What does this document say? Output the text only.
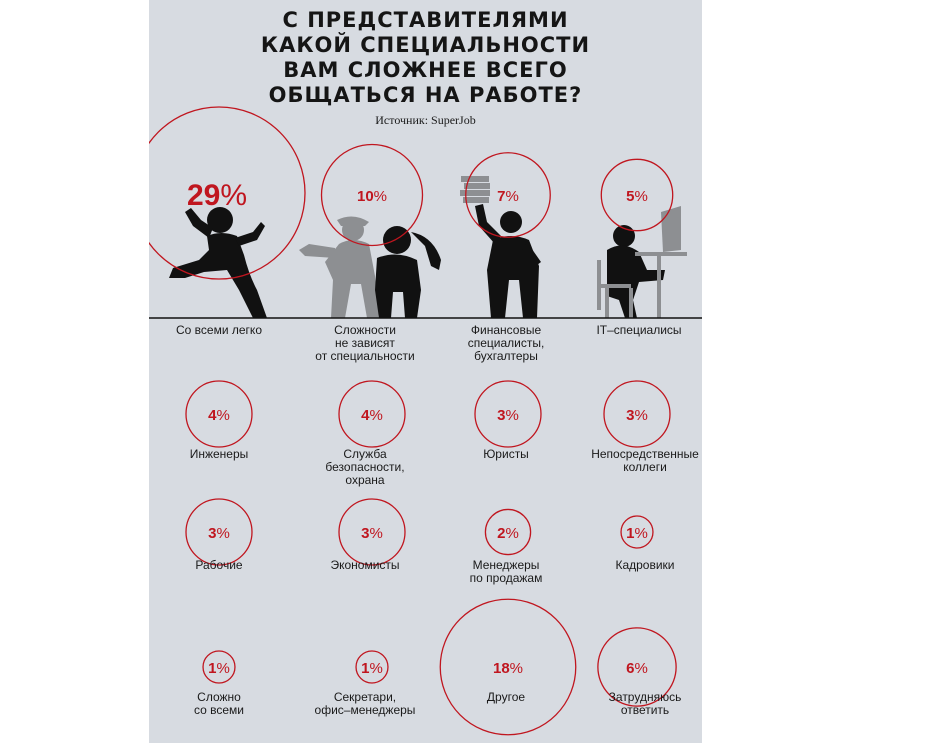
С ПРЕДСТАВИТЕЛЯМИ
КАКОЙ СПЕЦИАЛЬНОСТИ
ВАМ СЛОЖНЕЕ ВСЕГО
ОБЩАТЬСЯ НА РАБОТЕ?
Источник: SuperJob
29%
Со всеми легко
10%
Сложности
не зависят
от специальности
7%
Финансовые
специалисты,
бухгалтеры
5%
IT–специалисы
4%
Инженеры
4%
Служба
безопасности,
охрана
3%
Юристы
3%
Непосредственные
коллеги
3%
Рабочие
3%
Экономисты
2%
Менеджеры
по продажам
1%
Кадровики
1%
Сложно
со всеми
1%
Секретари,
офис–менеджеры
18%
Другое
6%
Затрудняюсь
ответить
